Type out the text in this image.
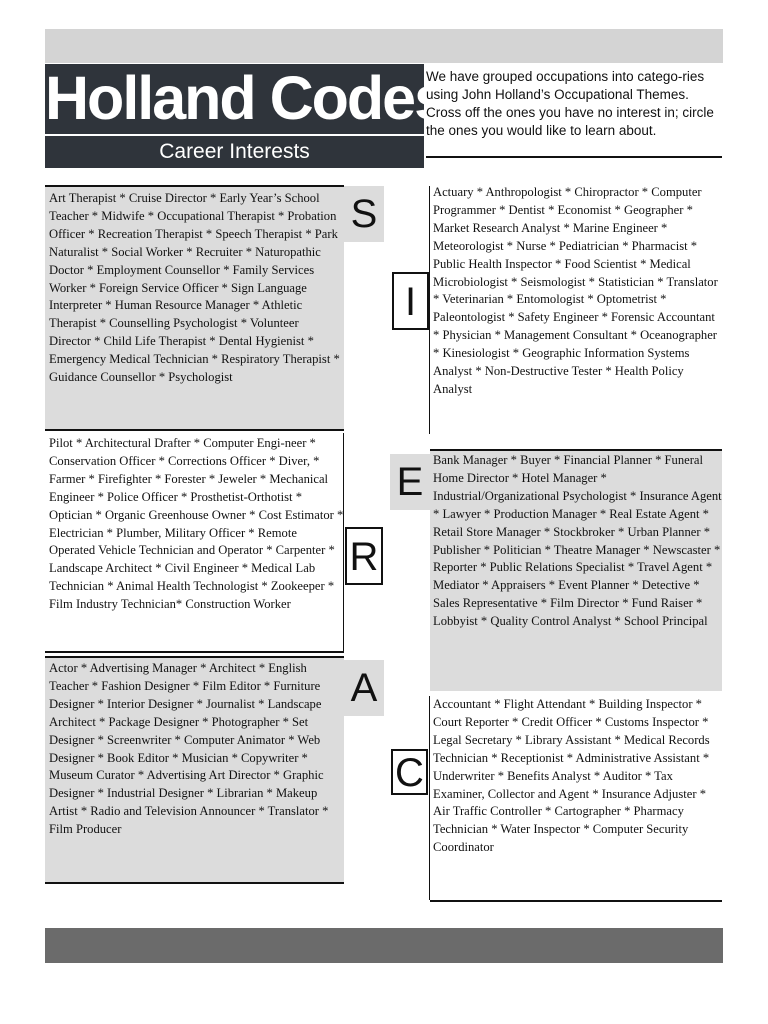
Holland Codes
Career Interests
We have grouped occupations into catego-ries using John Holland’s Occupational Themes. Cross off the ones you have no interest in; circle the ones you would like to learn about.
Art Therapist * Cruise Director * Early Year’s School Teacher * Midwife * Occupational Therapist * Probation Officer * Recreation Therapist * Speech Therapist * Park Naturalist * Social Worker * Recruiter * Naturopathic Doctor * Employment Counsellor * Family Services Worker * Foreign Service Officer * Sign Language Interpreter * Human Resource Manager * Athletic Therapist * Counselling Psychologist * Volunteer Director * Child Life Therapist * Dental Hygienist * Emergency Medical Technician * Respiratory Therapist * Guidance Counsellor * Psychologist
S	Actuary * Anthropologist * Chiropractor * Computer Programmer * Dentist * Economist * Geographer * Market Research Analyst * Marine Engineer * Meteorologist * Nurse * Pediatrician * Pharmacist * Public Health Inspector * Food Scientist * Medical Microbiologist * Seismologist * Statistician * Translator * Veterinarian * Entomologist * Optometrist * Paleontologist * Safety Engineer * Forensic Accountant * Physician * Management Consultant * Oceanographer * Kinesiologist * Geographic Information Systems Analyst * Non-Destructive Tester * Health Policy Analyst
I
Pilot * Architectural Drafter * Computer Engi-neer * Conservation Officer * Corrections Officer * Diver, * Farmer * Firefighter * Forester * Jeweler * Mechanical Engineer * Police Officer * Prosthetist-Orthotist * Optician * Organic Greenhouse Owner * Cost Estimator * Electrician * Plumber, Military Officer * Remote Operated Vehicle Technician and Operator * Carpenter * Landscape Architect * Civil Engineer * Medical Lab Technician * Animal Health Technologist * Zookeeper * Film Industry Technician* Construction Worker
R
Bank Manager * Buyer * Financial Planner * Funeral Home Director * Hotel Manager * Industrial/Organizational Psychologist * Insurance Agent * Lawyer * Production Manager * Real Estate Agent * Retail Store Manager * Stockbroker * Urban Planner * Publisher * Politician * Theatre Manager * Newscaster * Reporter * Public Relations Specialist * Travel Agent * Mediator * Appraisers * Event Planner * Detective * Sales Representative * Film Director * Fund Raiser * Lobbyist * Quality Control Analyst * School Principal
E
Actor * Advertising Manager * Architect * English Teacher * Fashion Designer * Film Editor * Furniture Designer * Interior Designer * Journalist * Landscape Architect * Package Designer * Photographer * Set Designer * Screenwriter * Computer Animator * Web Designer * Book Editor * Musician * Copywriter * Museum Curator * Advertising Art Director * Graphic Designer * Industrial Designer * Librarian * Makeup Artist * Radio and Television Announcer * Translator * Film Producer
A	Accountant * Flight Attendant * Building Inspector * Court Reporter * Credit Officer * Customs Inspector * Legal Secretary * Library Assistant * Medical Records Technician * Receptionist * Administrative Assistant * Underwriter * Benefits Analyst * Auditor * Tax Examiner, Collector and Agent * Insurance Adjuster * Air Traffic Controller * Cartographer * Pharmacy Technician * Water Inspector * Computer Security Coordinator
C
